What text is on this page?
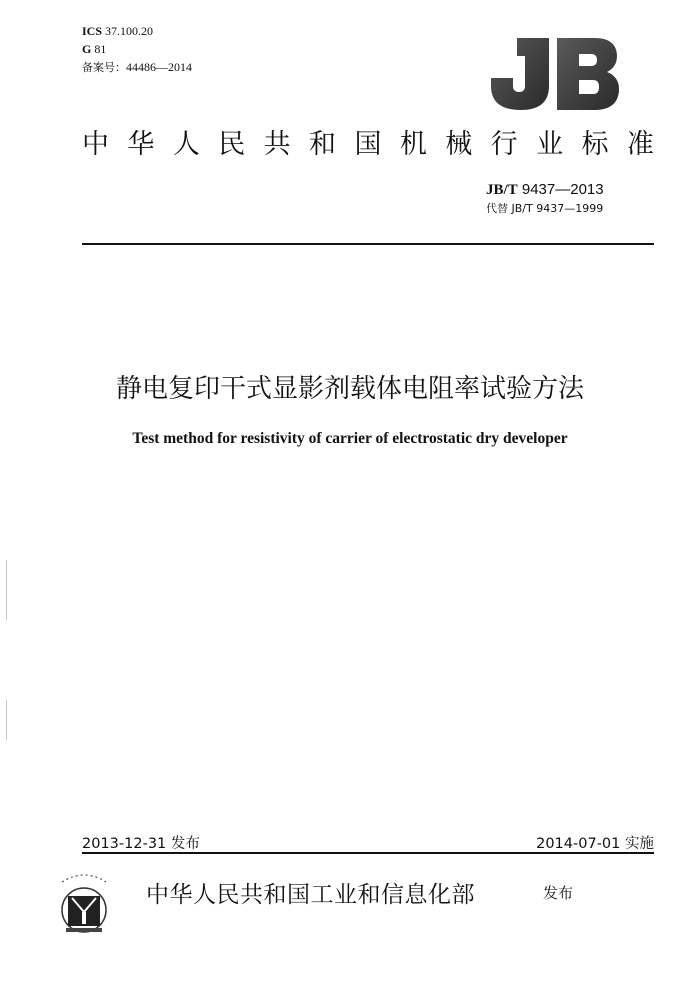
ICS 37.100.20
G 81
备案号：44486—2014
JB
中 华 人 民 共 和 国 机 械 行 业 标 准
JB/T 9437—2013
代替 JB/T 9437—1999
静电复印干式显影剂载体电阻率试验方法
Test method for resistivity of carrier of electrostatic dry developer
2013-12-31 发布	2014-07-01 实施
中华人民共和国工业和信息化部	发布
